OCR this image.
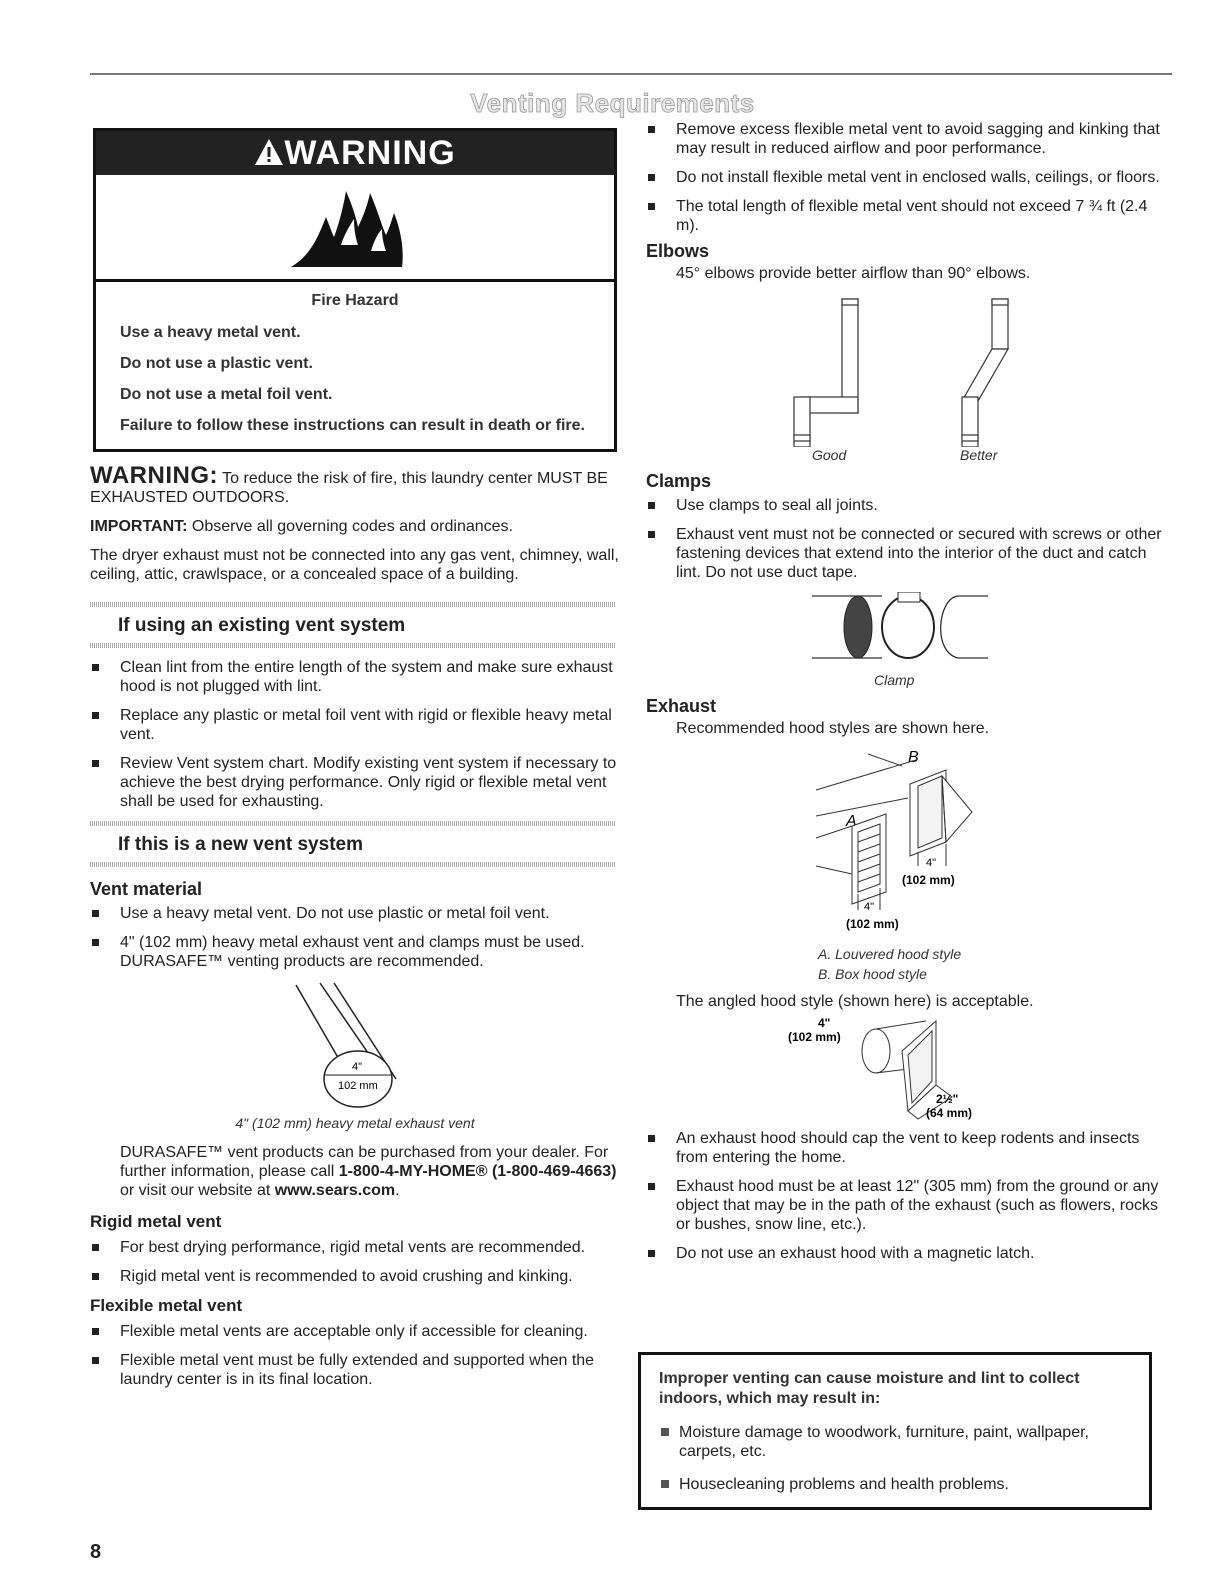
Venting Requirements
WARNING
Fire Hazard

Use a heavy metal vent.

Do not use a plastic vent.

Do not use a metal foil vent.

Failure to follow these instructions can result in death or fire.

WARNING: To reduce the risk of fire, this laundry center MUST BE EXHAUSTED OUTDOORS.
IMPORTANT: Observe all governing codes and ordinances.
The dryer exhaust must not be connected into any gas vent, chimney, wall, ceiling, attic, crawlspace, or a concealed space of a building.
If using an existing vent system
Clean lint from the entire length of the system and make sure exhaust hood is not plugged with lint.
Replace any plastic or metal foil vent with rigid or flexible heavy metal vent.
Review Vent system chart. Modify existing vent system if necessary to achieve the best drying performance. Only rigid or flexible metal vent shall be used for exhausting.
If this is a new vent system
Vent material
Use a heavy metal vent. Do not use plastic or metal foil vent.
4" (102 mm) heavy metal exhaust vent and clamps must be used. DURASAFE™ venting products are recommended.
4"
102 mm
4" (102 mm) heavy metal exhaust vent
DURASAFE™ vent products can be purchased from your dealer. For further information, please call 1-800-4-MY-HOME® (1-800-469-4663) or visit our website at www.sears.com.
Rigid metal vent
For best drying performance, rigid metal vents are recommended.
Rigid metal vent is recommended to avoid crushing and kinking.
Flexible metal vent
Flexible metal vents are acceptable only if accessible for cleaning.
Flexible metal vent must be fully extended and supported when the laundry center is in its final location.
8
Remove excess flexible metal vent to avoid sagging and kinking that may result in reduced airflow and poor performance.
Do not install flexible metal vent in enclosed walls, ceilings, or floors.
The total length of flexible metal vent should not exceed 7 ¾ ft (2.4 m).
Elbows
45° elbows provide better airflow than 90° elbows.
Good	Better
Clamps
Use clamps to seal all joints.
Exhaust vent must not be connected or secured with screws or other fastening devices that extend into the interior of the duct and catch lint. Do not use duct tape.
Clamp
Exhaust
Recommended hood styles are shown here.
B
A
4"
(102 mm)
4"
(102 mm)
A. Louvered hood style
B. Box hood style
The angled hood style (shown here) is acceptable.
4"
(102 mm)
2½"
(64 mm)
An exhaust hood should cap the vent to keep rodents and insects from entering the home.
Exhaust hood must be at least 12" (305 mm) from the ground or any object that may be in the path of the exhaust (such as flowers, rocks or bushes, snow line, etc.).
Do not use an exhaust hood with a magnetic latch.
Improper venting can cause moisture and lint to collect indoors, which may result in:
Moisture damage to woodwork, furniture, paint, wallpaper, carpets, etc.
Housecleaning problems and health problems.
